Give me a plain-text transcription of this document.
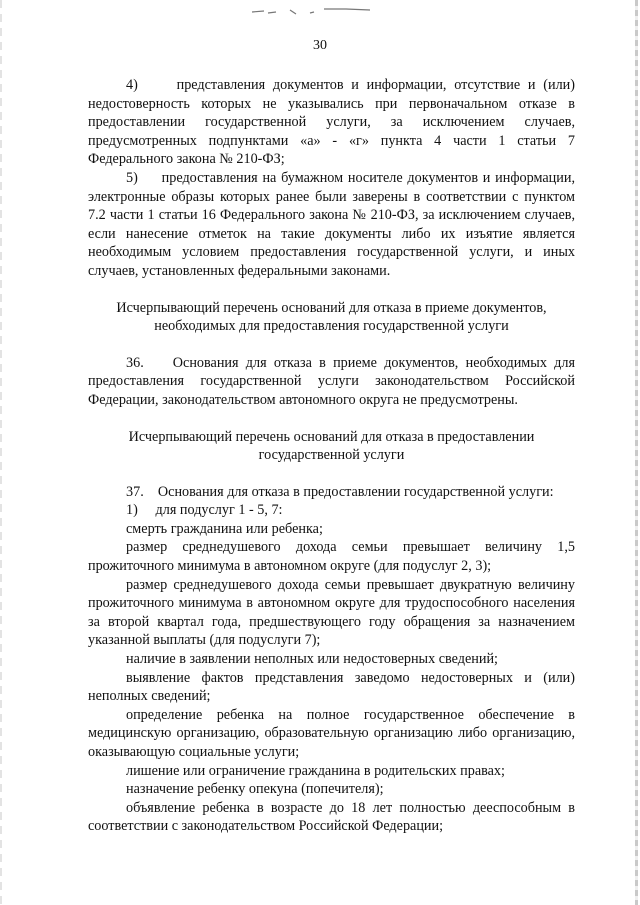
30

4)     представления документов и информации, отсутствие и (или) недостоверность которых не указывались при первоначальном отказе в предоставлении государственной услуги, за исключением случаев, предусмотренных подпунктами «а» - «г» пункта 4 части 1 статьи 7 Федерального закона № 210-ФЗ;

5)     предоставления на бумажном носителе документов и информации, электронные образы которых ранее были заверены в соответствии с пунктом 7.2 части 1 статьи 16 Федерального закона № 210-ФЗ, за исключением случаев, если нанесение отметок на такие документы либо их изъятие является необходимым условием предоставления государственной услуги, и иных случаев, установленных федеральными законами.

Исчерпывающий перечень оснований для отказа в приеме документов, необходимых для предоставления государственной услуги

36.    Основания для отказа в приеме документов, необходимых для предоставления государственной услуги законодательством Российской Федерации, законодательством автономного округа не предусмотрены.

Исчерпывающий перечень оснований для отказа в предоставлении государственной услуги

37.    Основания для отказа в предоставлении государственной услуги:

1)     для подуслуг 1 - 5, 7:

смерть гражданина или ребенка;

размер среднедушевого дохода семьи превышает величину 1,5 прожиточного минимума в автономном округе (для подуслуг 2, 3);

размер среднедушевого дохода семьи превышает двукратную величину прожиточного минимума в автономном округе для трудоспособного населения за второй квартал года, предшествующего году обращения за назначением указанной выплаты (для подуслуги 7);

наличие в заявлении неполных или недостоверных сведений;

выявление фактов представления заведомо недостоверных и (или) неполных сведений;

определение ребенка на полное государственное обеспечение в медицинскую организацию, образовательную организацию либо организацию, оказывающую социальные услуги;

лишение или ограничение гражданина в родительских правах;

назначение ребенку опекуна (попечителя);

объявление ребенка в возрасте до 18 лет полностью дееспособным в соответствии с законодательством Российской Федерации;
